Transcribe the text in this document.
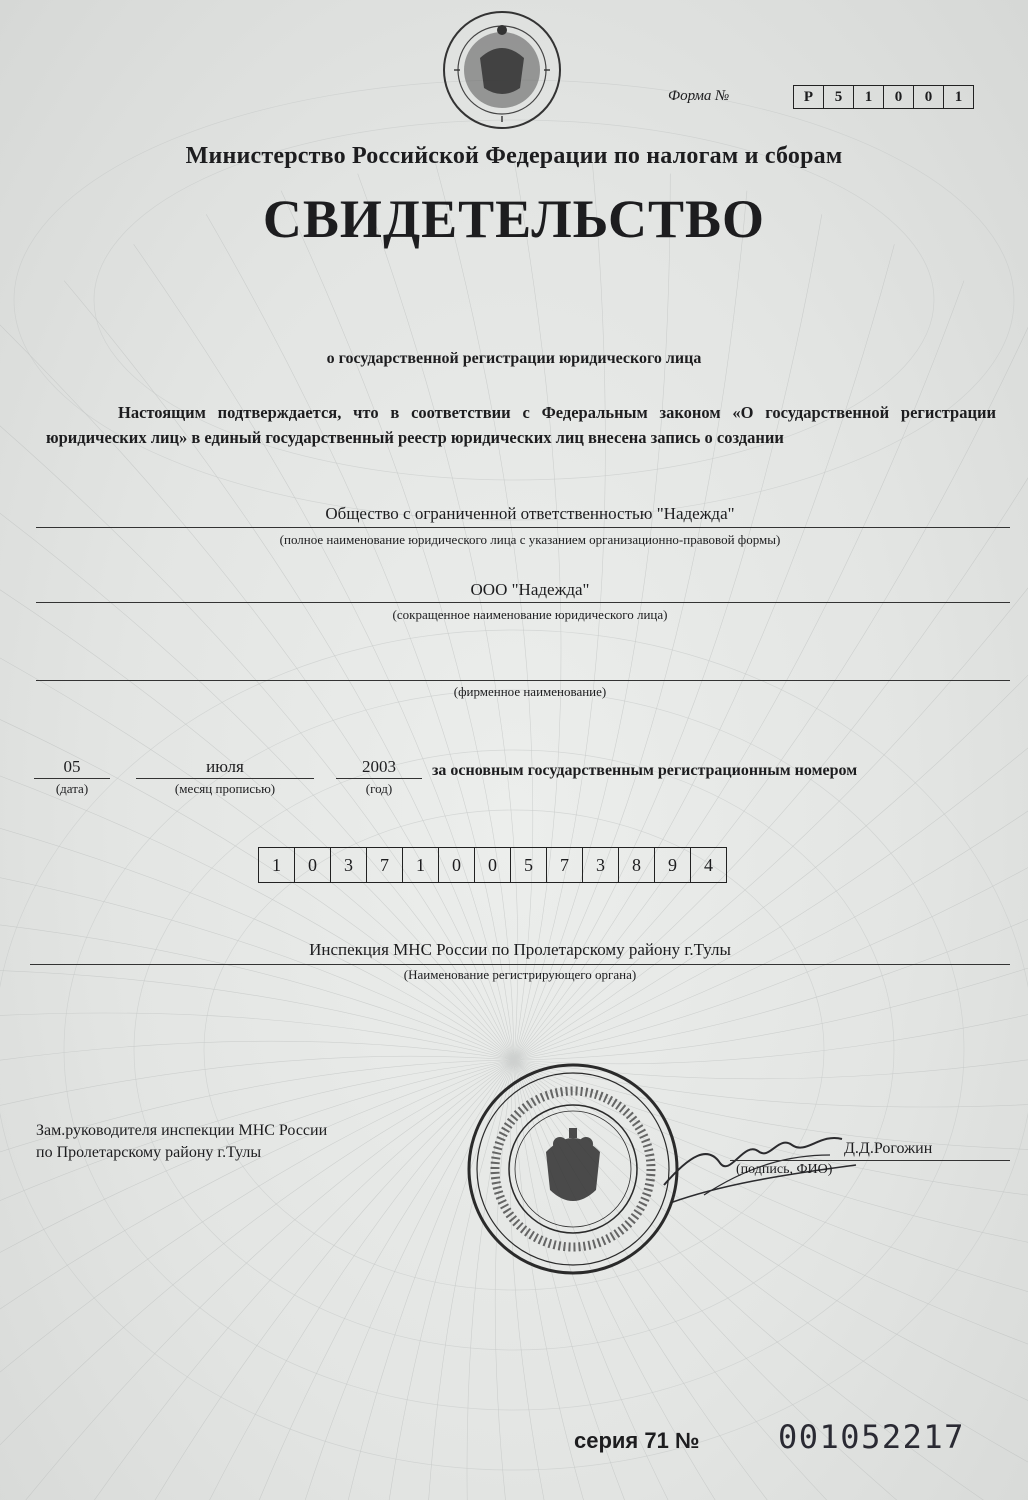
Форма №	Р	5	1	0	0	1
Министерство Российской Федерации по налогам и сборам
СВИДЕТЕЛЬСТВО
о государственной регистрации юридического лица
Настоящим подтверждается, что в соответствии с Федеральным законом «О государственной регистрации юридических лиц» в единый государственный реестр юридических лиц внесена запись о создании
Общество с ограниченной ответственностью "Надежда"
(полное наименование юридического лица с указанием организационно-правовой формы)
ООО "Надежда"
(сокращенное наименование юридического лица)
(фирменное наименование)
05
(дата)
июля
(месяц прописью)
2003
(год)
за основным государственным регистрационным номером
1	0	3	7	1	0	0	5	7	3	8	9	4
Инспекция МНС России по Пролетарскому району г.Тулы
(Наименование регистрирующего органа)
Зам.руководителя инспекции МНС России
по Пролетарскому району г.Тулы	Д.Д.Рогожин
(подпись, ФИО)
серия 71 № 001052217
